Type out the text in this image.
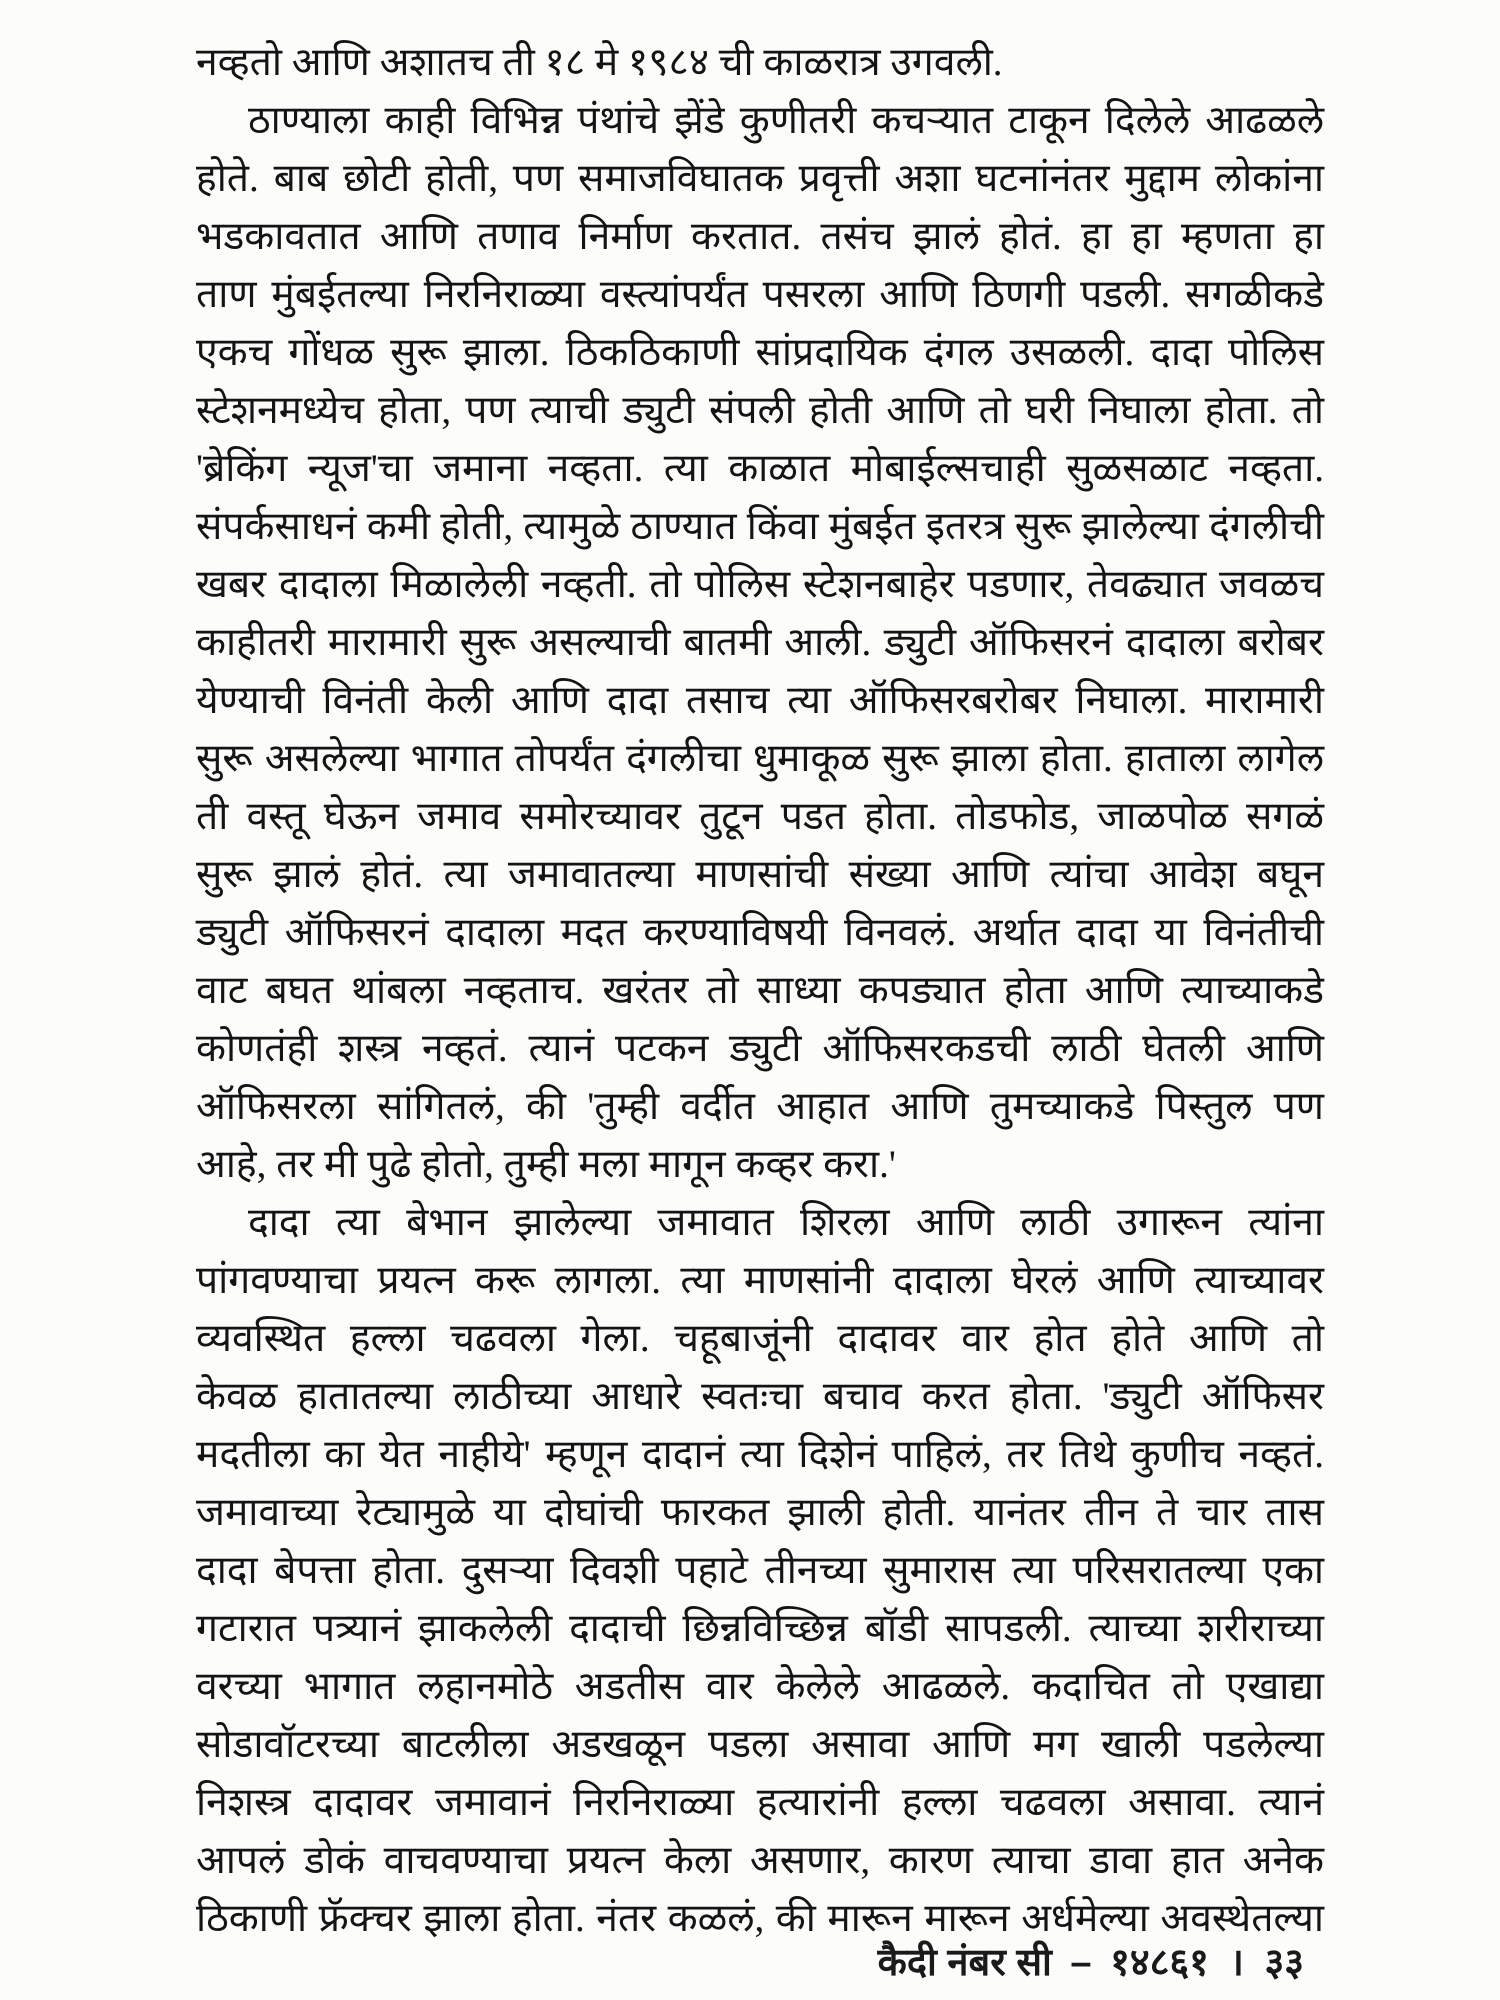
नव्हतो आणि अशातच ती १८ मे १९८४ ची काळरात्र उगवली.
ठाण्याला काही विभिन्न पंथांचे झेंडे कुणीतरी कचऱ्यात टाकून दिलेले आढळले
होते. बाब छोटी होती, पण समाजविघातक प्रवृत्ती अशा घटनांनंतर मुद्दाम लोकांना
भडकावतात आणि तणाव निर्माण करतात. तसंच झालं होतं. हा हा म्हणता हा
ताण मुंबईतल्या निरनिराळ्या वस्त्यांपर्यंत पसरला आणि ठिणगी पडली. सगळीकडे
एकच गोंधळ सुरू झाला. ठिकठिकाणी सांप्रदायिक दंगल उसळली. दादा पोलिस
स्टेशनमध्येच होता, पण त्याची ड्युटी संपली होती आणि तो घरी निघाला होता. तो
'ब्रेकिंग न्यूज'चा जमाना नव्हता. त्या काळात मोबाईल्सचाही सुळसळाट नव्हता.
संपर्कसाधनं कमी होती, त्यामुळे ठाण्यात किंवा मुंबईत इतरत्र सुरू झालेल्या दंगलीची
खबर दादाला मिळालेली नव्हती. तो पोलिस स्टेशनबाहेर पडणार, तेवढ्यात जवळच
काहीतरी मारामारी सुरू असल्याची बातमी आली. ड्युटी ऑफिसरनं दादाला बरोबर
येण्याची विनंती केली आणि दादा तसाच त्या ऑफिसरबरोबर निघाला. मारामारी
सुरू असलेल्या भागात तोपर्यंत दंगलीचा धुमाकूळ सुरू झाला होता. हाताला लागेल
ती वस्तू घेऊन जमाव समोरच्यावर तुटून पडत होता. तोडफोड, जाळपोळ सगळं
सुरू झालं होतं. त्या जमावातल्या माणसांची संख्या आणि त्यांचा आवेश बघून
ड्युटी ऑफिसरनं दादाला मदत करण्याविषयी विनवलं. अर्थात दादा या विनंतीची
वाट बघत थांबला नव्हताच. खरंतर तो साध्या कपड्यात होता आणि त्याच्याकडे
कोणतंही शस्त्र नव्हतं. त्यानं पटकन ड्युटी ऑफिसरकडची लाठी घेतली आणि
ऑफिसरला सांगितलं, की 'तुम्ही वर्दीत आहात आणि तुमच्याकडे पिस्तुल पण
आहे, तर मी पुढे होतो, तुम्ही मला मागून कव्हर करा.'
दादा त्या बेभान झालेल्या जमावात शिरला आणि लाठी उगारून त्यांना
पांगवण्याचा प्रयत्न करू लागला. त्या माणसांनी दादाला घेरलं आणि त्याच्यावर
व्यवस्थित हल्ला चढवला गेला. चहूबाजूंनी दादावर वार होत होते आणि तो
केवळ हातातल्या लाठीच्या आधारे स्वतःचा बचाव करत होता. 'ड्युटी ऑफिसर
मदतीला का येत नाहीये' म्हणून दादानं त्या दिशेनं पाहिलं, तर तिथे कुणीच नव्हतं.
जमावाच्या रेट्यामुळे या दोघांची फारकत झाली होती. यानंतर तीन ते चार तास
दादा बेपत्ता होता. दुसऱ्या दिवशी पहाटे तीनच्या सुमारास त्या परिसरातल्या एका
गटारात पत्र्यानं झाकलेली दादाची छिन्नविच्छिन्न बॉडी सापडली. त्याच्या शरीराच्या
वरच्या भागात लहानमोठे अडतीस वार केलेले आढळले. कदाचित तो एखाद्या
सोडावॉटरच्या बाटलीला अडखळून पडला असावा आणि मग खाली पडलेल्या
निशस्त्र दादावर जमावानं निरनिराळ्या हत्यारांनी हल्ला चढवला असावा. त्यानं
आपलं डोकं वाचवण्याचा प्रयत्न केला असणार, कारण त्याचा डावा हात अनेक
ठिकाणी फ्रॅक्चर झाला होता. नंतर कळलं, की मारून मारून अर्धमेल्या अवस्थेतल्या
कैदी नंबर सी – १४८६१ । ३३
